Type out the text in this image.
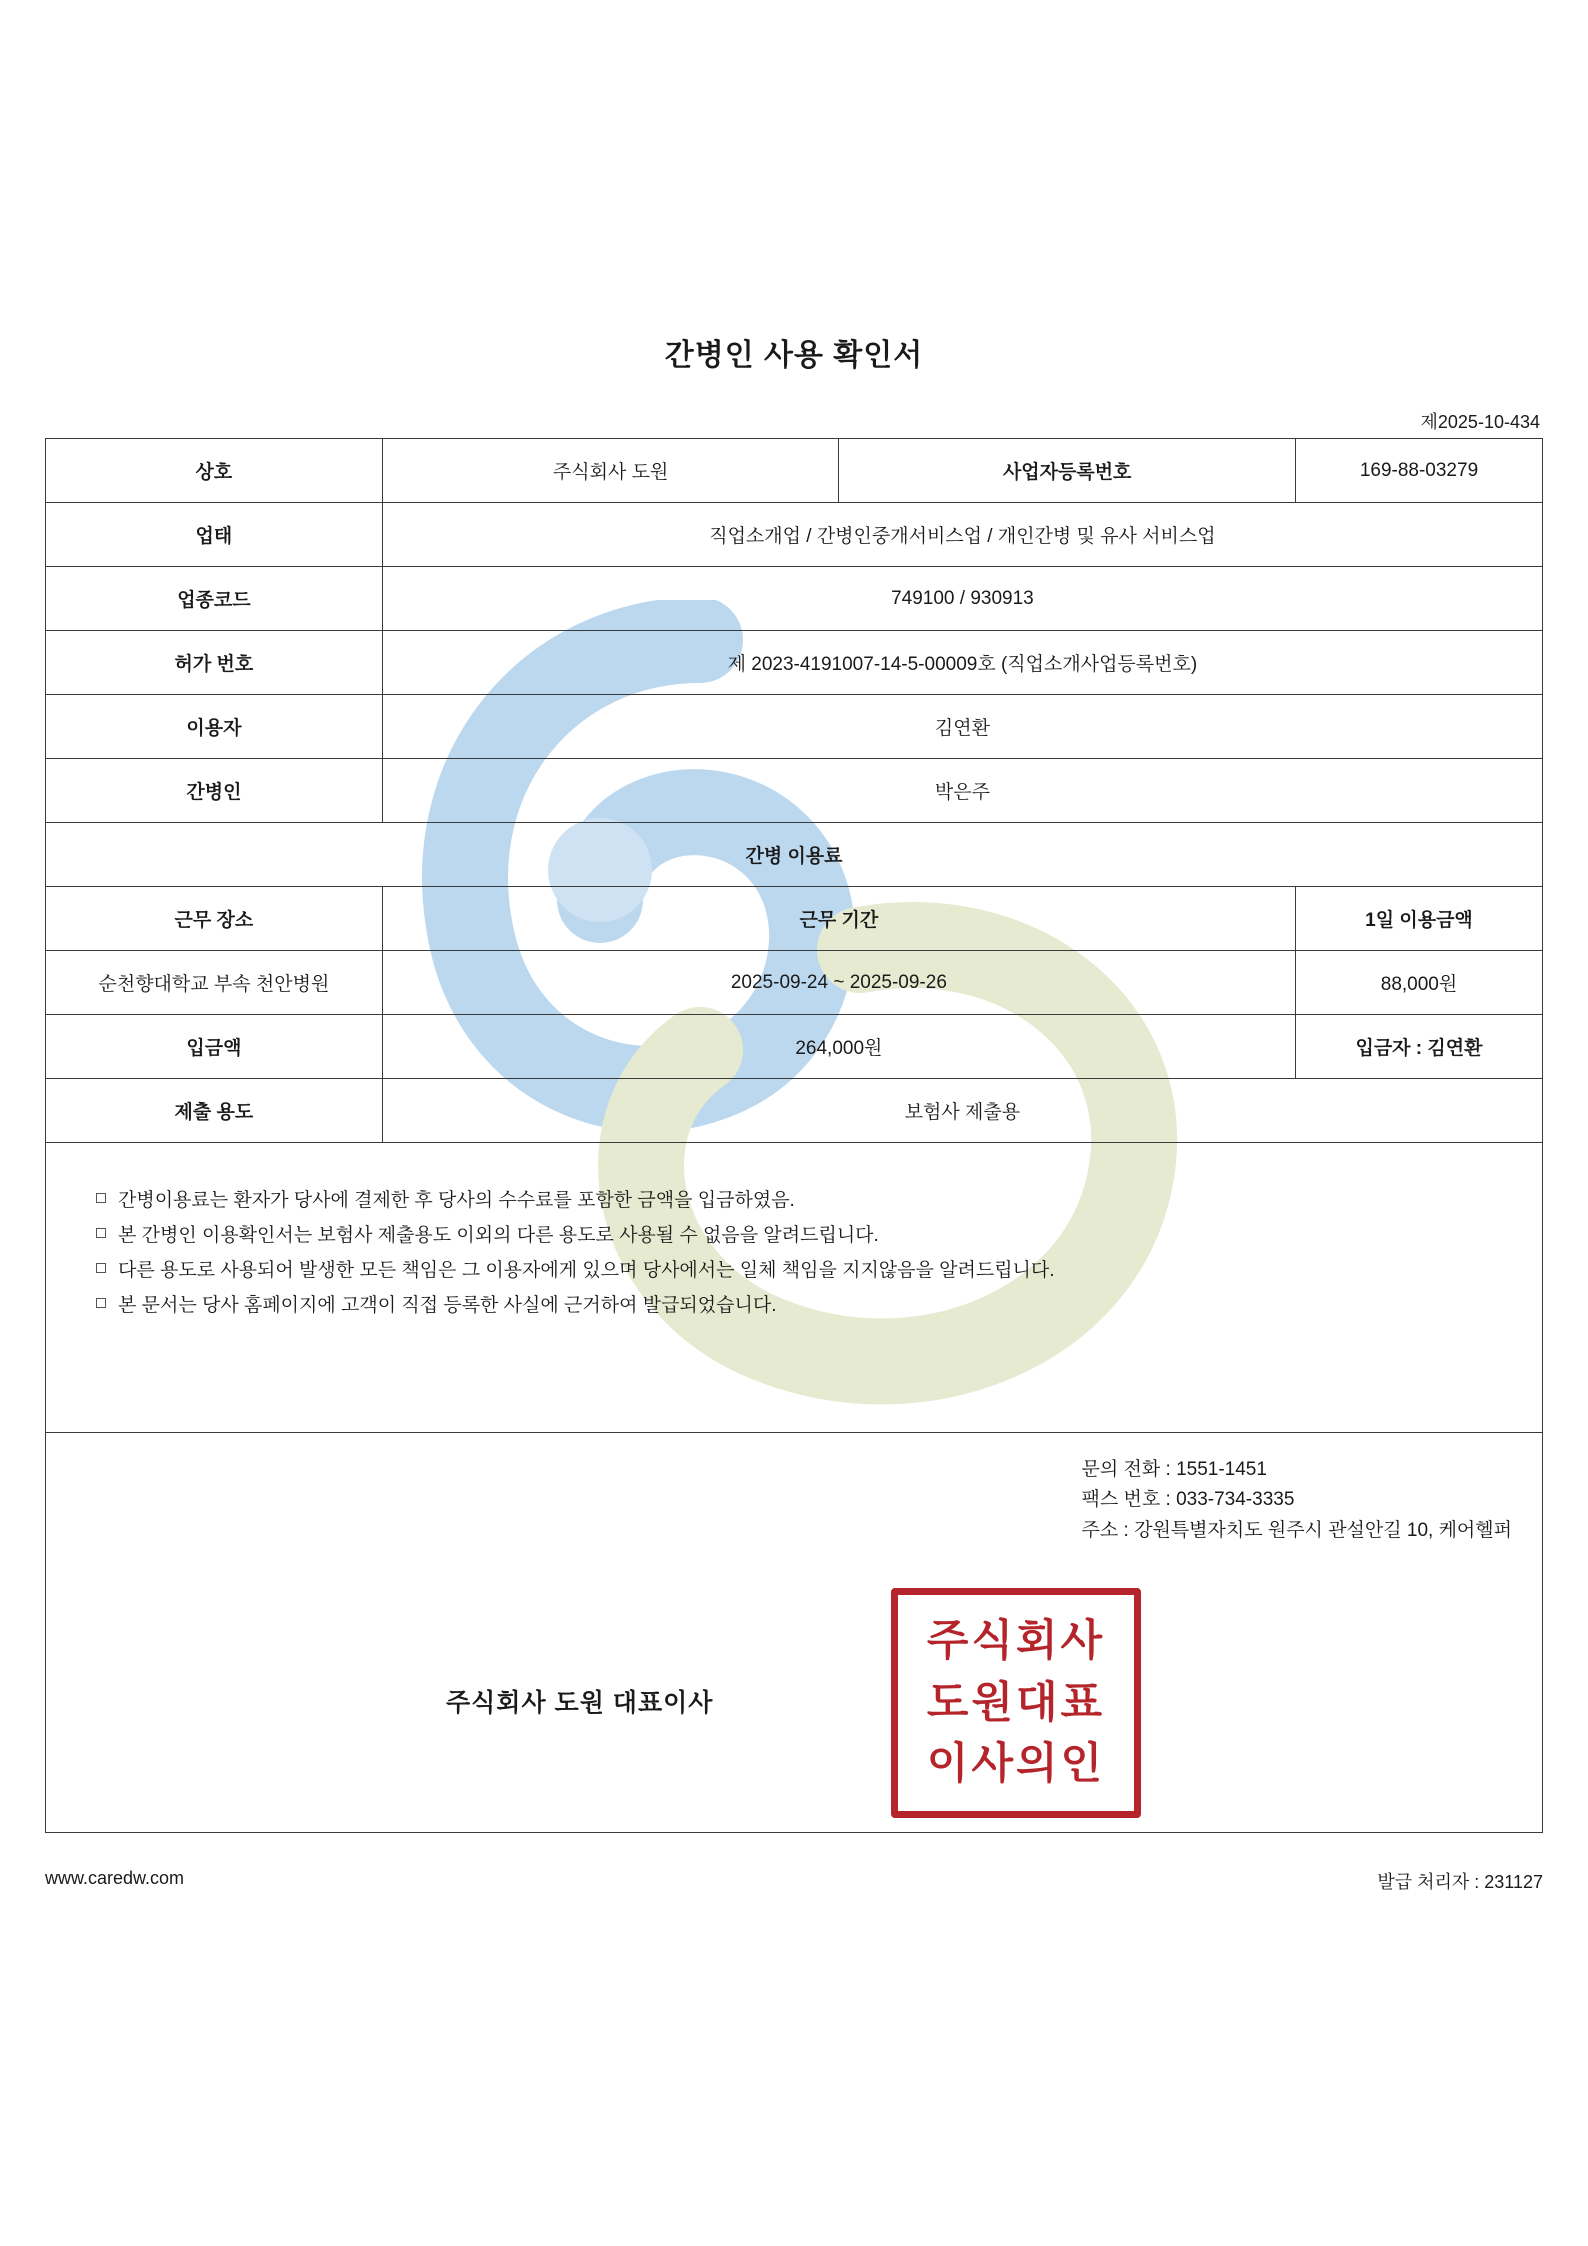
간병인 사용 확인서
제2025-10-434
상호	주식회사 도원	사업자등록번호	169-88-03279
업태	직업소개업 / 간병인중개서비스업 / 개인간병 및 유사 서비스업		
업종코드	749100 / 930913		
허가 번호	제 2023-4191007-14-5-00009호 (직업소개사업등록번호)		
이용자	김연환		
간병인	박은주		
간병 이용료			
근무 장소	근무 기간		1일 이용금액
순천향대학교 부속 천안병원	2025-09-24 ~ 2025-09-26		88,000원
입금액	264,000원		입금자 : 김연환
제출 용도	보험사 제출용		

간병이용료는 환자가 당사에 결제한 후 당사의 수수료를 포함한 금액을 입금하였음.
본 간병인 이용확인서는 보험사 제출용도 이외의 다른 용도로 사용될 수 없음을 알려드립니다.
다른 용도로 사용되어 발생한 모든 책임은 그 이용자에게 있으며 당사에서는 일체 책임을 지지않음을 알려드립니다.
본 문서는 당사 홈페이지에 고객이 직접 등록한 사실에 근거하여 발급되었습니다.			

문의 전화 : 1551-1451
팩스 번호 : 033-734-3335
주소 : 강원특별자치도 원주시 관설안길 10, 케어헬퍼
주식회사 도원 대표이사
주식회사
도원대표
이사의인
www.caredw.com	발급 처리자 : 231127
